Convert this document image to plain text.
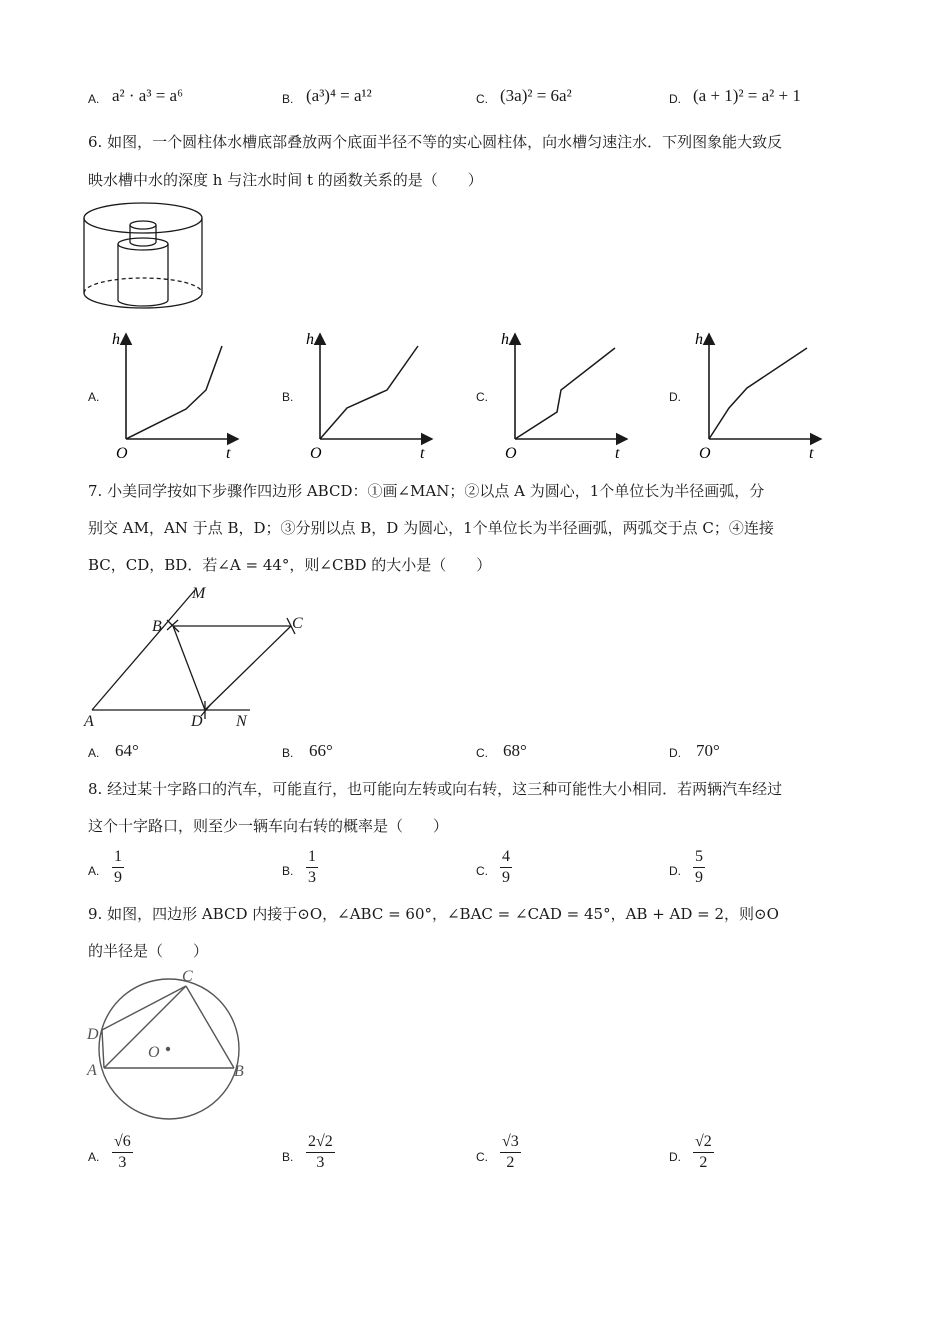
A. a² · a³ = a⁶	B. (a³)⁴ = a¹²	C. (3a)² = 6a²	D. (a + 1)² = a² + 1
6. 如图，一个圆柱体水槽底部叠放两个底面半径不等的实心圆柱体，向水槽匀速注水．下列图象能大致反
映水槽中水的深度 h 与注水时间 t 的函数关系的是（　　）
A.	B.	C.	D.
h
O	t
h
O	t
h
O	t
h
O	t
7. 小美同学按如下步骤作四边形 ABCD：①画∠MAN；②以点 A 为圆心，1个单位长为半径画弧，分
别交 AM，AN 于点 B，D；③分别以点 B，D 为圆心，1个单位长为半径画弧，两弧交于点 C；④连接
BC，CD，BD．若∠A = 44°，则∠CBD 的大小是（　　）
M
B	C
A	D N
A. 64°	B. 66°	C. 68°	D. 70°
8. 经过某十字路口的汽车，可能直行，也可能向左转或向右转，这三种可能性大小相同．若两辆汽车经过
这个十字路口，则至少一辆车向右转的概率是（　　）
A. $\frac{1}{9}$	B. $\frac{1}{3}$	C. $\frac{4}{9}$	D. $\frac{5}{9}$
9. 如图，四边形 ABCD 内接于⊙O，∠ABC = 60°，∠BAC = ∠CAD = 45°，AB + AD = 2，则⊙O
的半径是（　　）
C
D
O
A	B
A. $\frac{√6}{3}$	B. $\frac{2√2}{3}$	C. $\frac{√3}{2}$	D. $\frac{√2}{2}$
